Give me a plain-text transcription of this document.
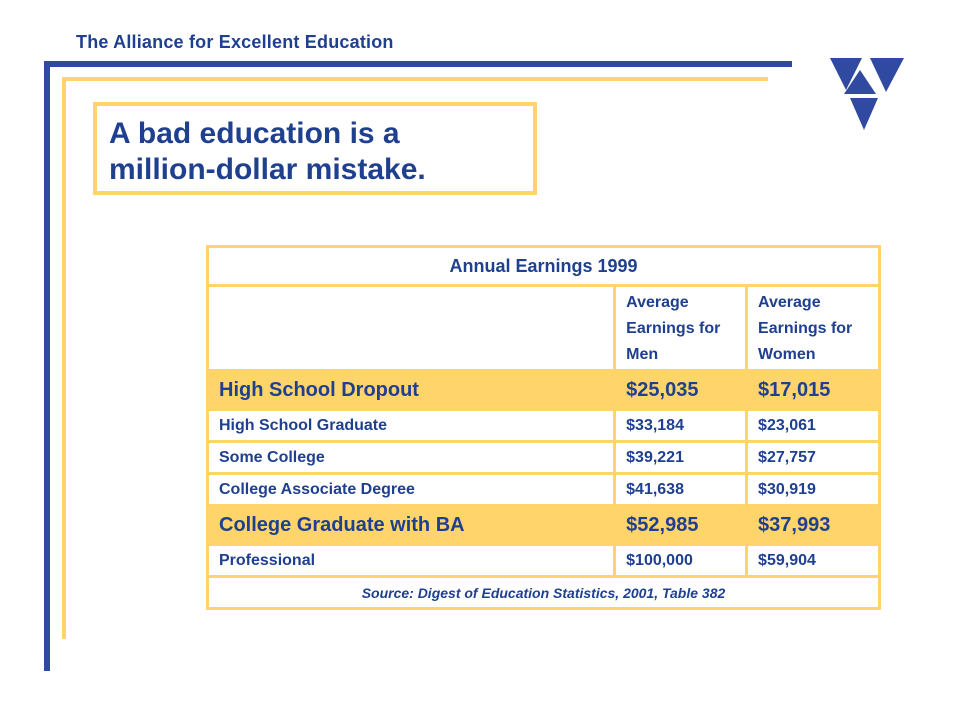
The Alliance for Excellent Education
A bad education is a
million-dollar mistake.
Annual Earnings 1999		
	Average Earnings for Men	Average Earnings for Women
High School Dropout	$25,035	$17,015
High School Graduate	$33,184	$23,061
Some College	$39,221	$27,757
College Associate Degree	$41,638	$30,919
College Graduate with BA	$52,985	$37,993
Professional	$100,000	$59,904
Source: Digest of Education Statistics, 2001, Table 382		
